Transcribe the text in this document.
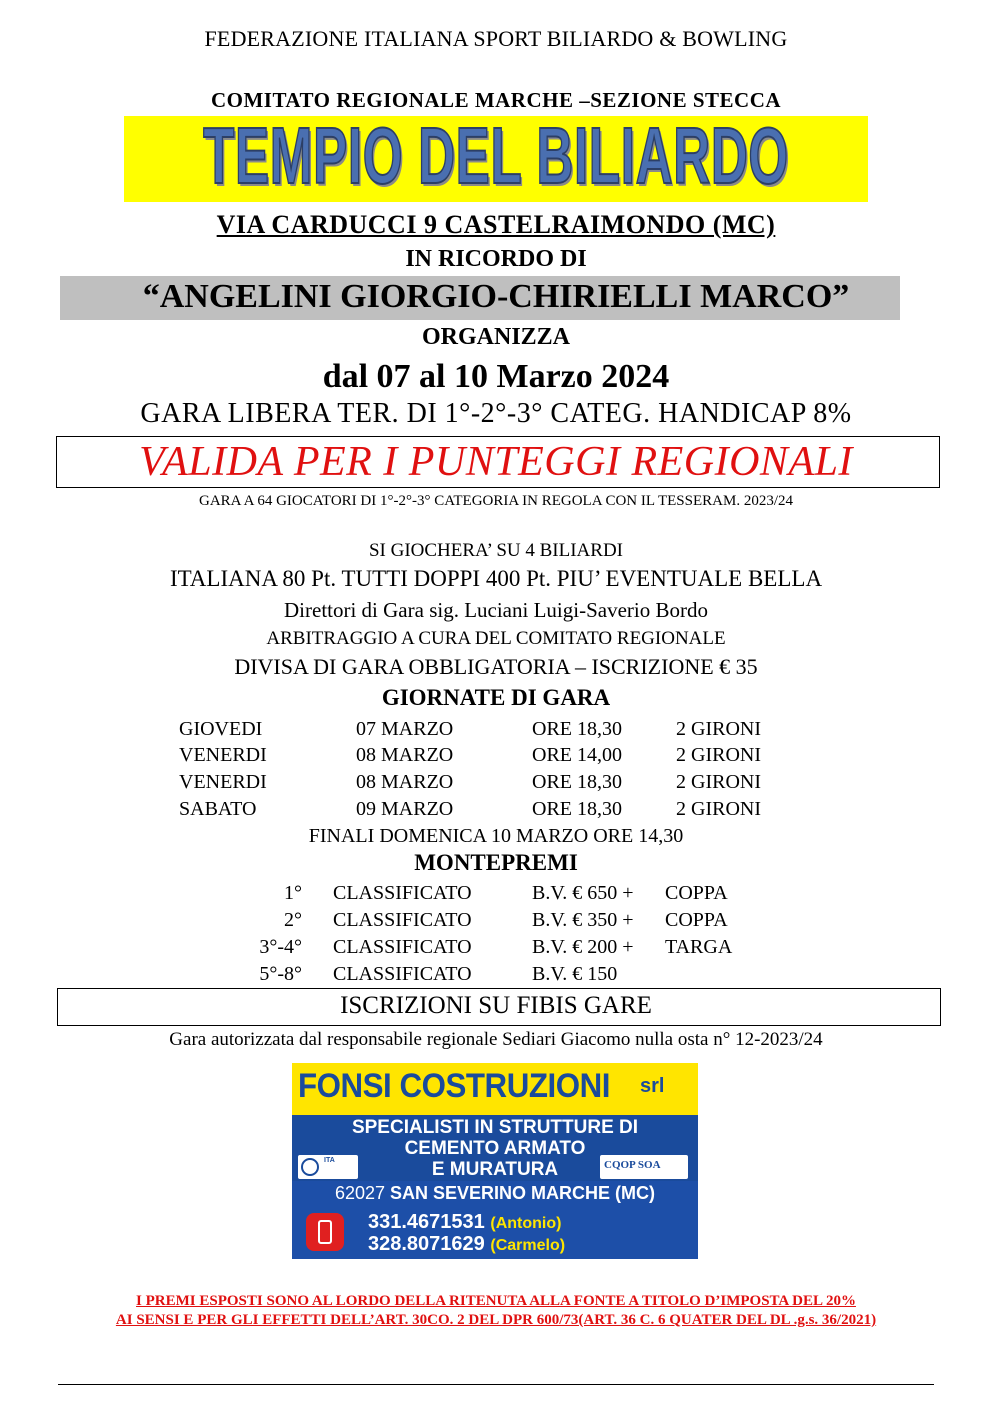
FEDERAZIONE ITALIANA SPORT BILIARDO & BOWLING
COMITATO REGIONALE MARCHE –SEZIONE STECCA
TEMPIO DEL BILIARDO
VIA CARDUCCI 9 CASTELRAIMONDO (MC)
IN RICORDO DI
“ANGELINI GIORGIO-CHIRIELLI MARCO”
ORGANIZZA
dal 07 al 10 Marzo 2024
GARA LIBERA TER. DI 1°-2°-3° CATEG. HANDICAP 8%
VALIDA PER I PUNTEGGI REGIONALI
GARA A 64 GIOCATORI DI 1°-2°-3° CATEGORIA IN REGOLA CON IL TESSERAM. 2023/24
SI GIOCHERA’ SU 4 BILIARDI
ITALIANA 80 Pt. TUTTI DOPPI 400 Pt. PIU’ EVENTUALE BELLA
Direttori di Gara sig. Luciani Luigi-Saverio Bordo
ARBITRAGGIO A CURA DEL COMITATO REGIONALE
DIVISA DI GARA OBBLIGATORIA – ISCRIZIONE € 35
GIORNATE DI GARA
GIOVEDI	07 MARZO	ORE 18,30	2 GIRONI
VENERDI	08 MARZO	ORE 14,00	2 GIRONI
VENERDI	08 MARZO	ORE 18,30	2 GIRONI
SABATO	09 MARZO	ORE 18,30	2 GIRONI
FINALI DOMENICA 10 MARZO ORE 14,30
MONTEPREMI
1° CLASSIFICATO	B.V. € 650 + COPPA
2° CLASSIFICATO	B.V. € 350 + COPPA
3°-4° CLASSIFICATO	B.V. € 200 + TARGA
5°-8° CLASSIFICATO	B.V. € 150
ISCRIZIONI SU FIBIS GARE
Gara autorizzata dal responsabile regionale Sediari Giacomo nulla osta n° 12-2023/24
FONSI COSTRUZIONI srl
SPECIALISTI IN STRUTTURE DI
CEMENTO ARMATO
E MURATURA
ITA	CQOP SOA
62027 SAN SEVERINO MARCHE (MC)
331.4671531 (Antonio)
328.8071629 (Carmelo)
I PREMI ESPOSTI SONO AL LORDO DELLA RITENUTA ALLA FONTE A TITOLO D’IMPOSTA DEL 20%
AI SENSI E PER GLI EFFETTI DELL’ART. 30CO. 2 DEL DPR 600/73(ART. 36 C. 6 QUATER DEL DL .g.s. 36/2021)
